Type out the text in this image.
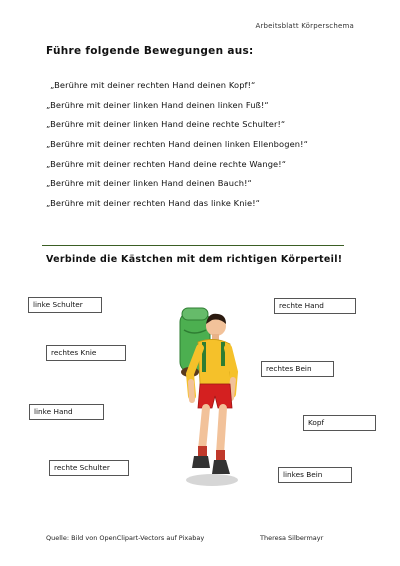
Arbeitsblatt Körperschema
Führe folgende Bewegungen aus:
„Berühre mit deiner rechten Hand deinen Kopf!“
„Berühre mit deiner linken Hand deinen linken Fuß!“
„Berühre mit deiner linken Hand deine rechte Schulter!“
„Berühre mit deiner rechten Hand deinen linken Ellenbogen!“
„Berühre mit deiner rechten Hand deine rechte Wange!“
„Berühre mit deiner linken Hand deinen Bauch!“
„Berühre mit deiner rechten Hand das linke Knie!“
Verbinde die Kästchen mit dem richtigen Körperteil!
linke Schulter	rechte Hand
rechtes Knie
rechtes Bein
linke Hand
Kopf
rechte Schulter
linkes Bein
Quelle: Bild von OpenClipart-Vectors auf Pixabay	Theresa Silbermayr
